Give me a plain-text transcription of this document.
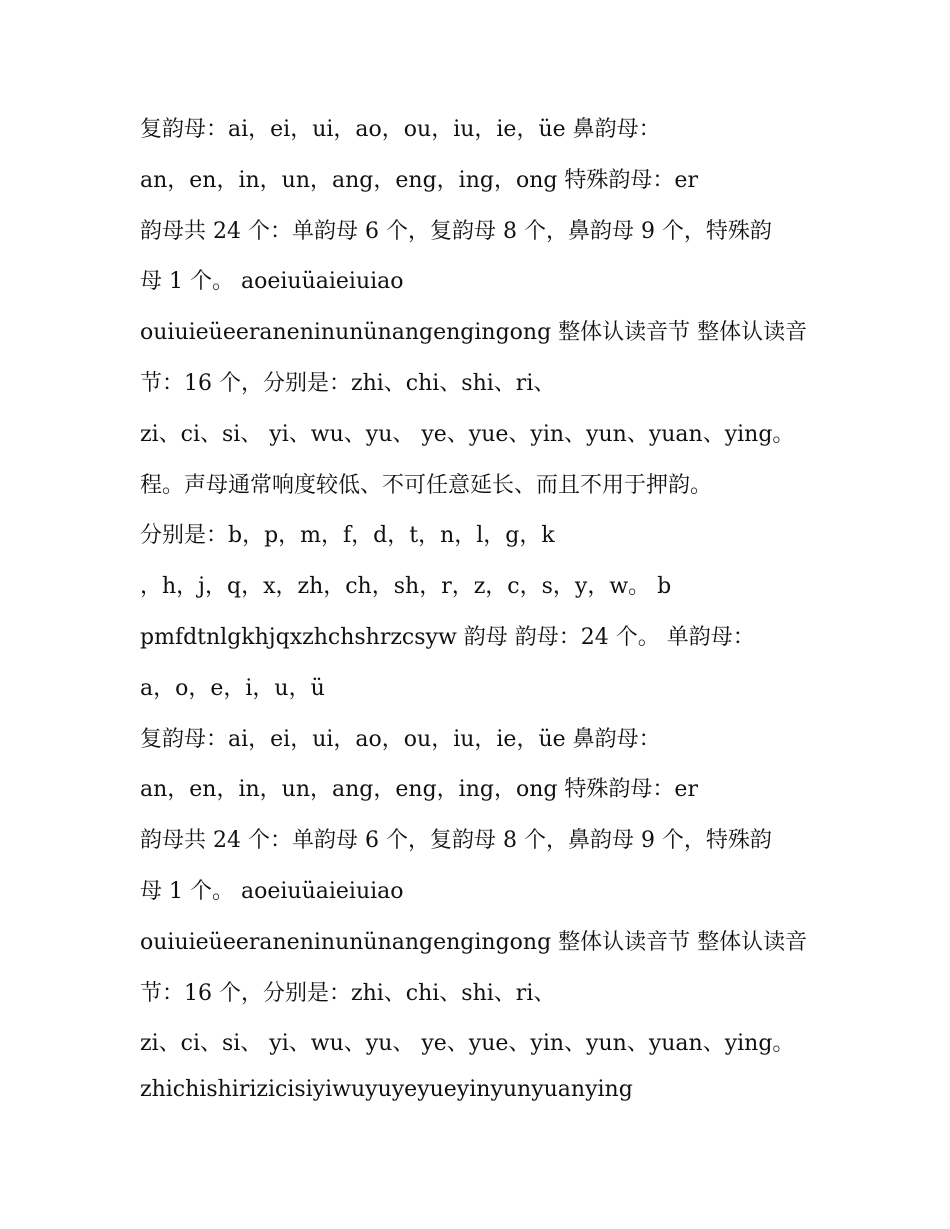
复韵母：ai，ei，ui，ao，ou，iu，ie，üe 鼻韵母：
an，en，in，un，ang，eng，ing，ong 特殊韵母：er
韵母共 24 个：单韵母 6 个，复韵母 8 个，鼻韵母 9 个，特殊韵
母 1 个。 aoeiuüaieiuiao
ouiuieüeeraneninunünangengingong 整体认读音节 整体认读音
节：16 个，分别是：zhi、chi、shi、ri、
zi、ci、si、 yi、wu、yu、 ye、yue、yin、yun、yuan、ying。
程。声母通常响度较低、不可任意延长、而且不用于押韵。
分别是：b，p，m，f，d，t，n，l，g，k
，h，j，q，x，zh，ch，sh，r，z，c，s，y，w。 b
pmfdtnlgkhjqxzhchshrzcsyw 韵母 韵母：24 个。 单韵母：
a，o，e，i，u，ü
复韵母：ai，ei，ui，ao，ou，iu，ie，üe 鼻韵母：
an，en，in，un，ang，eng，ing，ong 特殊韵母：er
韵母共 24 个：单韵母 6 个，复韵母 8 个，鼻韵母 9 个，特殊韵
母 1 个。 aoeiuüaieiuiao
ouiuieüeeraneninunünangengingong 整体认读音节 整体认读音
节：16 个，分别是：zhi、chi、shi、ri、
zi、ci、si、 yi、wu、yu、 ye、yue、yin、yun、yuan、ying。
zhichishirizicisiyiwuyuyeyueyinyunyuanying
